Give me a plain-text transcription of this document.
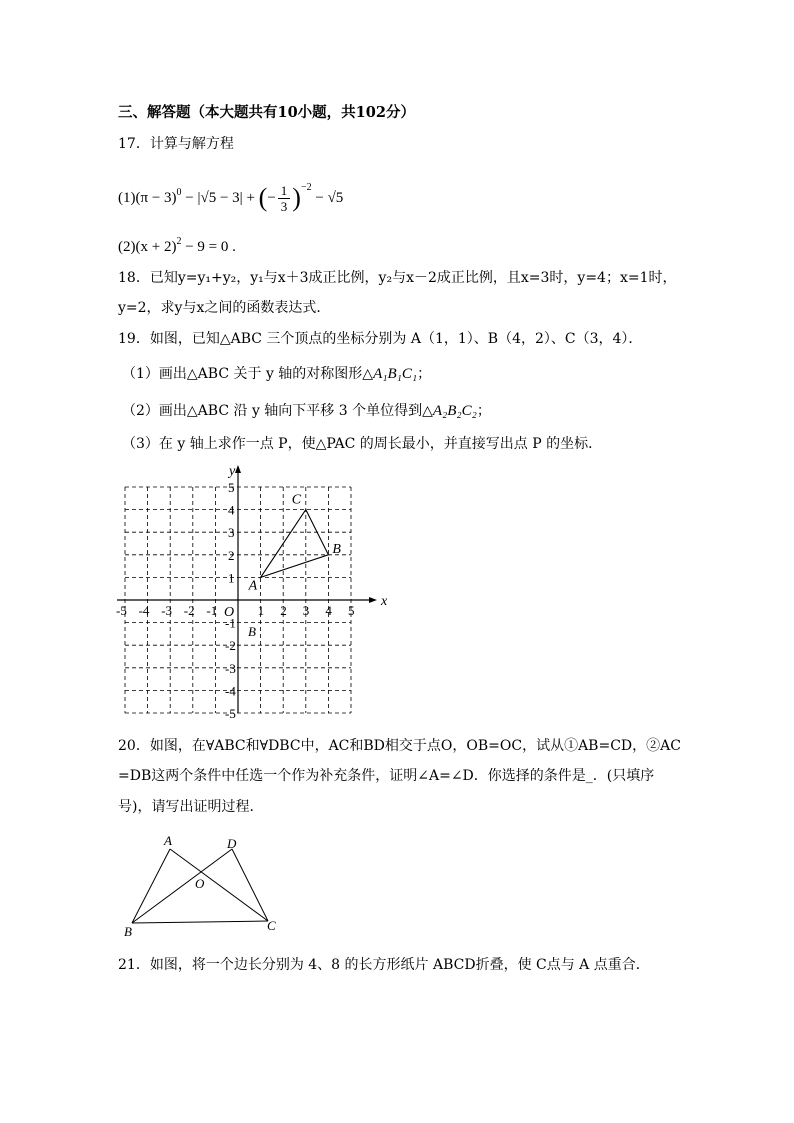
三、解答题（本大题共有10小题，共102分）
17．计算与解方程
$(1)(\pi - 3)^0 - |√5 - 3|$ + (− $\frac{1}{3} )^{-2} - √5$
$(2)(x + 2)^2 - 9 = 0$ .
18．已知y=y₁+y₂，y₁与x＋3成正比例，y₂与x－2成正比例，且x=3时，y=4；x=1时，
y=2，求y与x之间的函数表达式．
19．如图，已知△ABC 三个顶点的坐标分别为 A（1，1）、B（4，2）、C（3，4）．
（1）画出△ABC 关于 y 轴的对称图形△A₁B₁C₁；
（2）画出△ABC 沿 y 轴向下平移 3 个单位得到△A₂B₂C₂；
（3）在 y 轴上求作一点 P，使△PAC 的周长最小，并直接写出点 P 的坐标．
x
y
O
-5 -4 -3 -2 -1	1 2 3 4 5
5
4
3
2
1
-1
-2
-3
-4
-5
A
B
C
B
20．如图，在∀ABC和∀DBC中，AC和BD相交于点O，OB=OC，试从①AB=CD，②AC
=DB这两个条件中任选一个作为补充条件，证明∠A=∠D．你选择的条件是_．(只填序
号)，请写出证明过程．
A	D
O
B	C
21．如图，将一个边长分别为 4、8 的长方形纸片 ABCD折叠，使 C点与 A 点重合．
